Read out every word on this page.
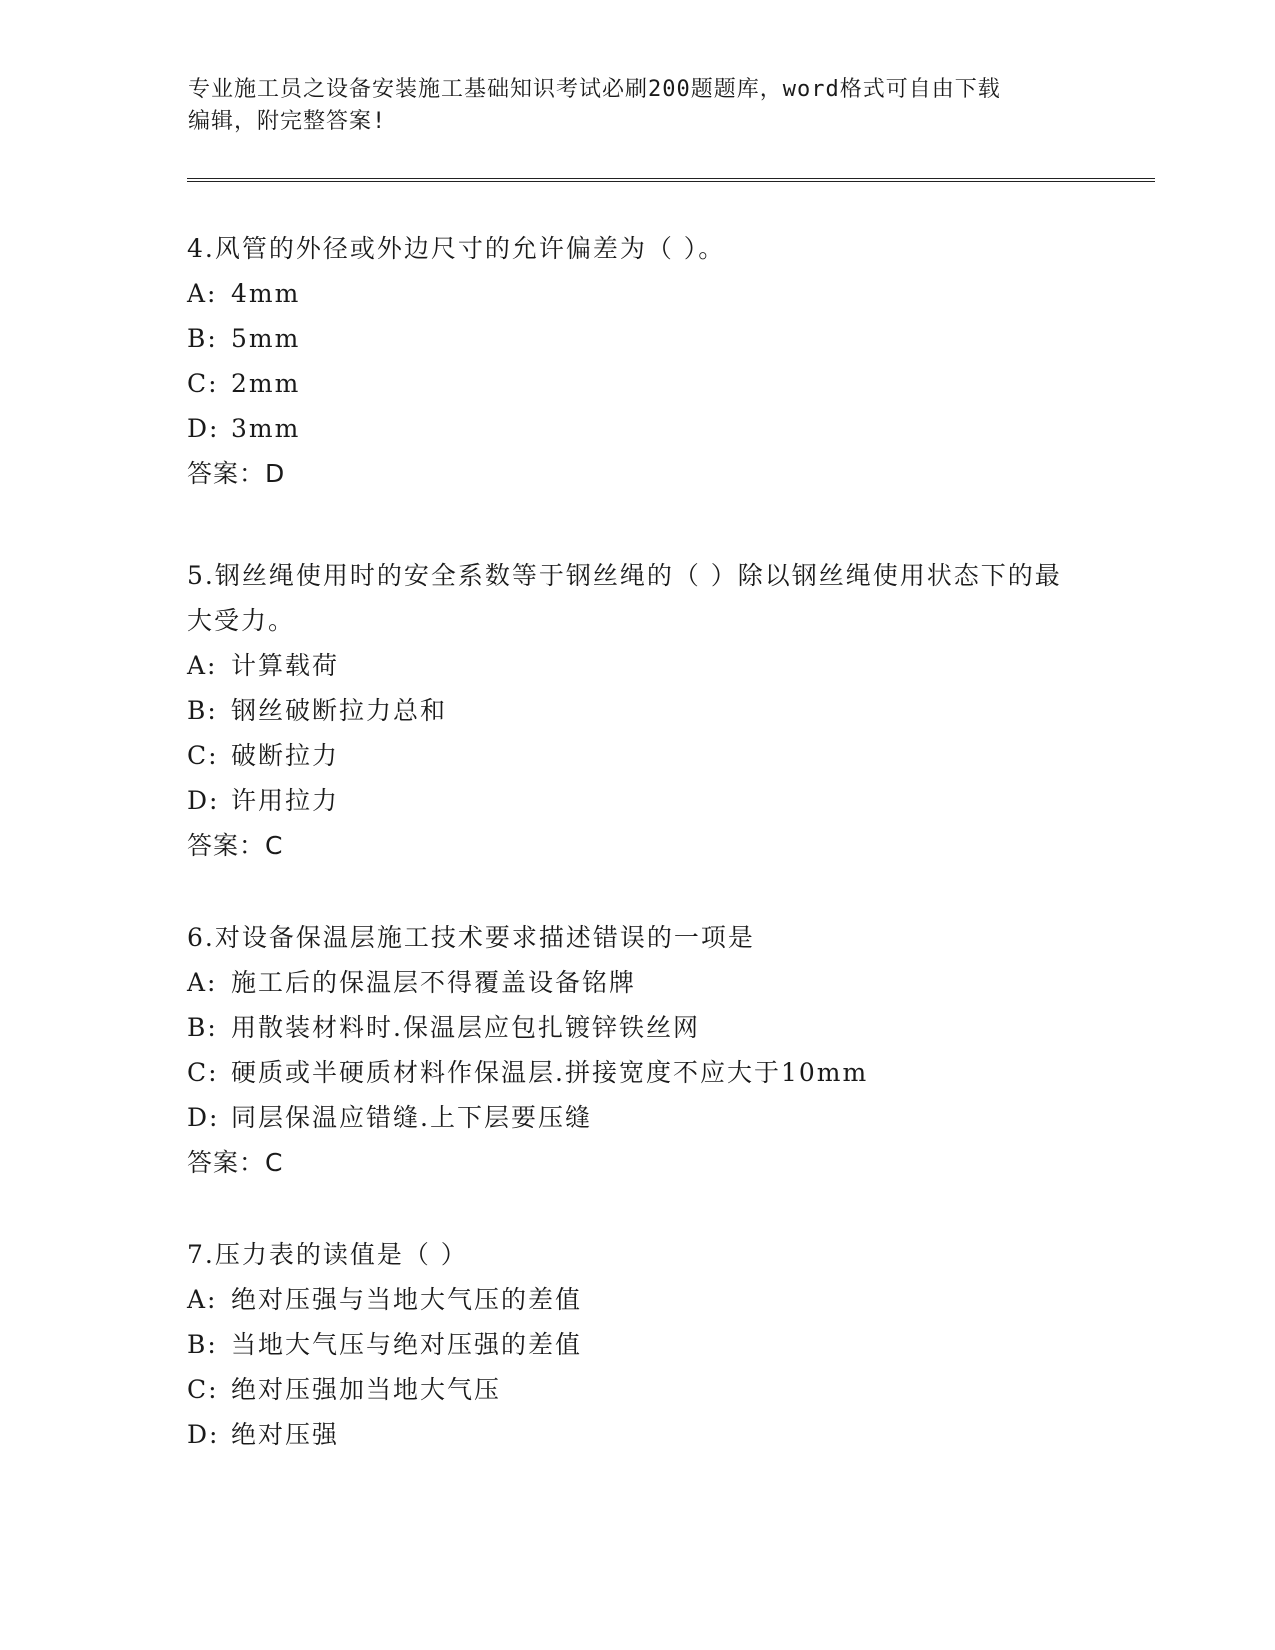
专业施工员之设备安装施工基础知识考试必刷200题题库，word格式可自由下载
编辑，附完整答案!

4.风管的外径或外边尺寸的允许偏差为（ ）。

A: 4mm

B: 5mm

C: 2mm

D: 3mm

答案：D

5.钢丝绳使用时的安全系数等于钢丝绳的（ ）除以钢丝绳使用状态下的最大受力。

A: 计算载荷

B: 钢丝破断拉力总和

C: 破断拉力

D: 许用拉力

答案：C

6.对设备保温层施工技术要求描述错误的一项是

A: 施工后的保温层不得覆盖设备铭牌

B: 用散装材料时.保温层应包扎镀锌铁丝网

C: 硬质或半硬质材料作保温层.拼接宽度不应大于10mm

D: 同层保温应错缝.上下层要压缝

答案：C

7.压力表的读值是（ ）

A: 绝对压强与当地大气压的差值

B: 当地大气压与绝对压强的差值

C: 绝对压强加当地大气压

D: 绝对压强
